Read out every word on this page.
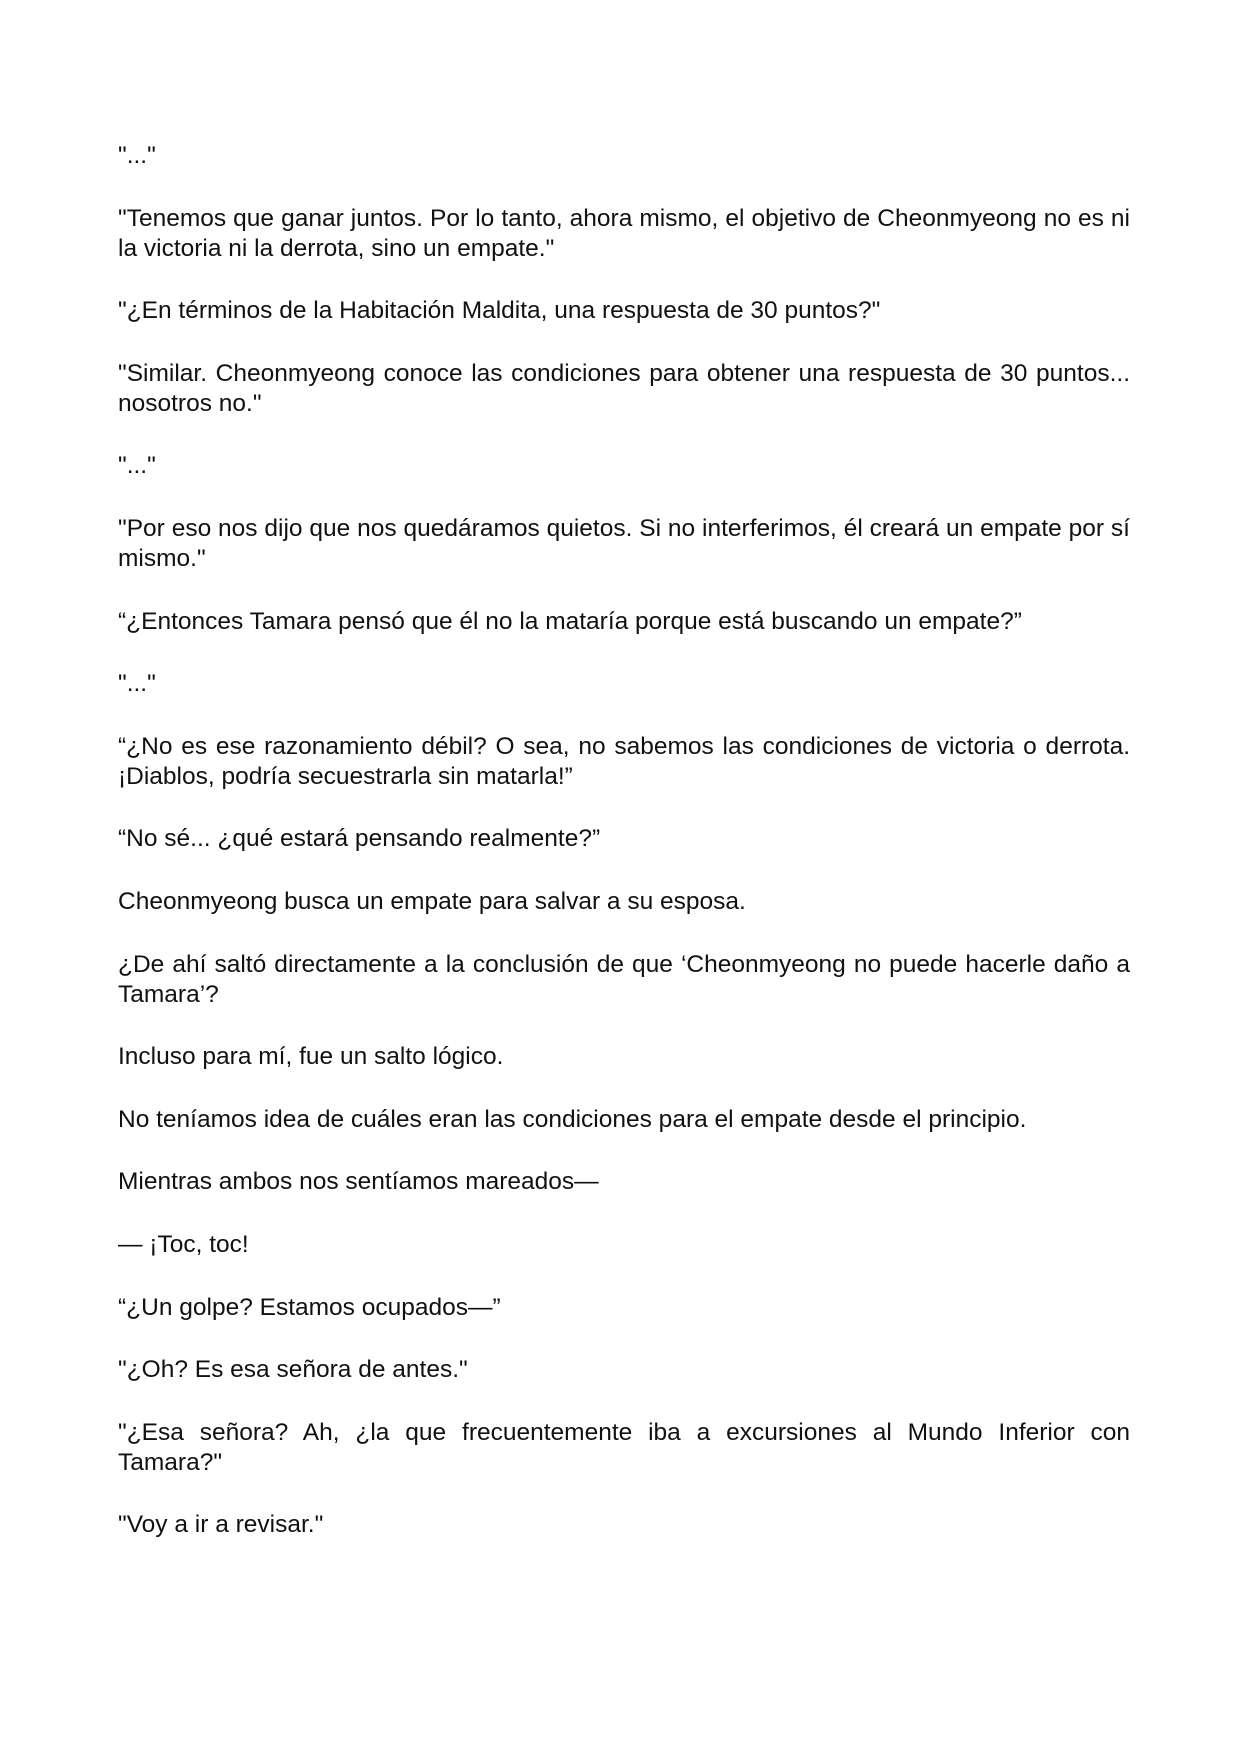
"..."

"Tenemos que ganar juntos. Por lo tanto, ahora mismo, el objetivo de Cheonmyeong no es ni la victoria ni la derrota, sino un empate."

"¿En términos de la Habitación Maldita, una respuesta de 30 puntos?"

"Similar. Cheonmyeong conoce las condiciones para obtener una respuesta de 30 puntos... nosotros no."

"..."

"Por eso nos dijo que nos quedáramos quietos. Si no interferimos, él creará un empate por sí mismo."

“¿Entonces Tamara pensó que él no la mataría porque está buscando un empate?”

"..."

“¿No es ese razonamiento débil? O sea, no sabemos las condiciones de victoria o derrota. ¡Diablos, podría secuestrarla sin matarla!”

“No sé... ¿qué estará pensando realmente?”

Cheonmyeong busca un empate para salvar a su esposa.

¿De ahí saltó directamente a la conclusión de que ‘Cheonmyeong no puede hacerle daño a Tamara’?

Incluso para mí, fue un salto lógico.

No teníamos idea de cuáles eran las condiciones para el empate desde el principio.

Mientras ambos nos sentíamos mareados—

— ¡Toc, toc!

“¿Un golpe? Estamos ocupados—”

"¿Oh? Es esa señora de antes."

"¿Esa señora? Ah, ¿la que frecuentemente iba a excursiones al Mundo Inferior con Tamara?"

"Voy a ir a revisar."
